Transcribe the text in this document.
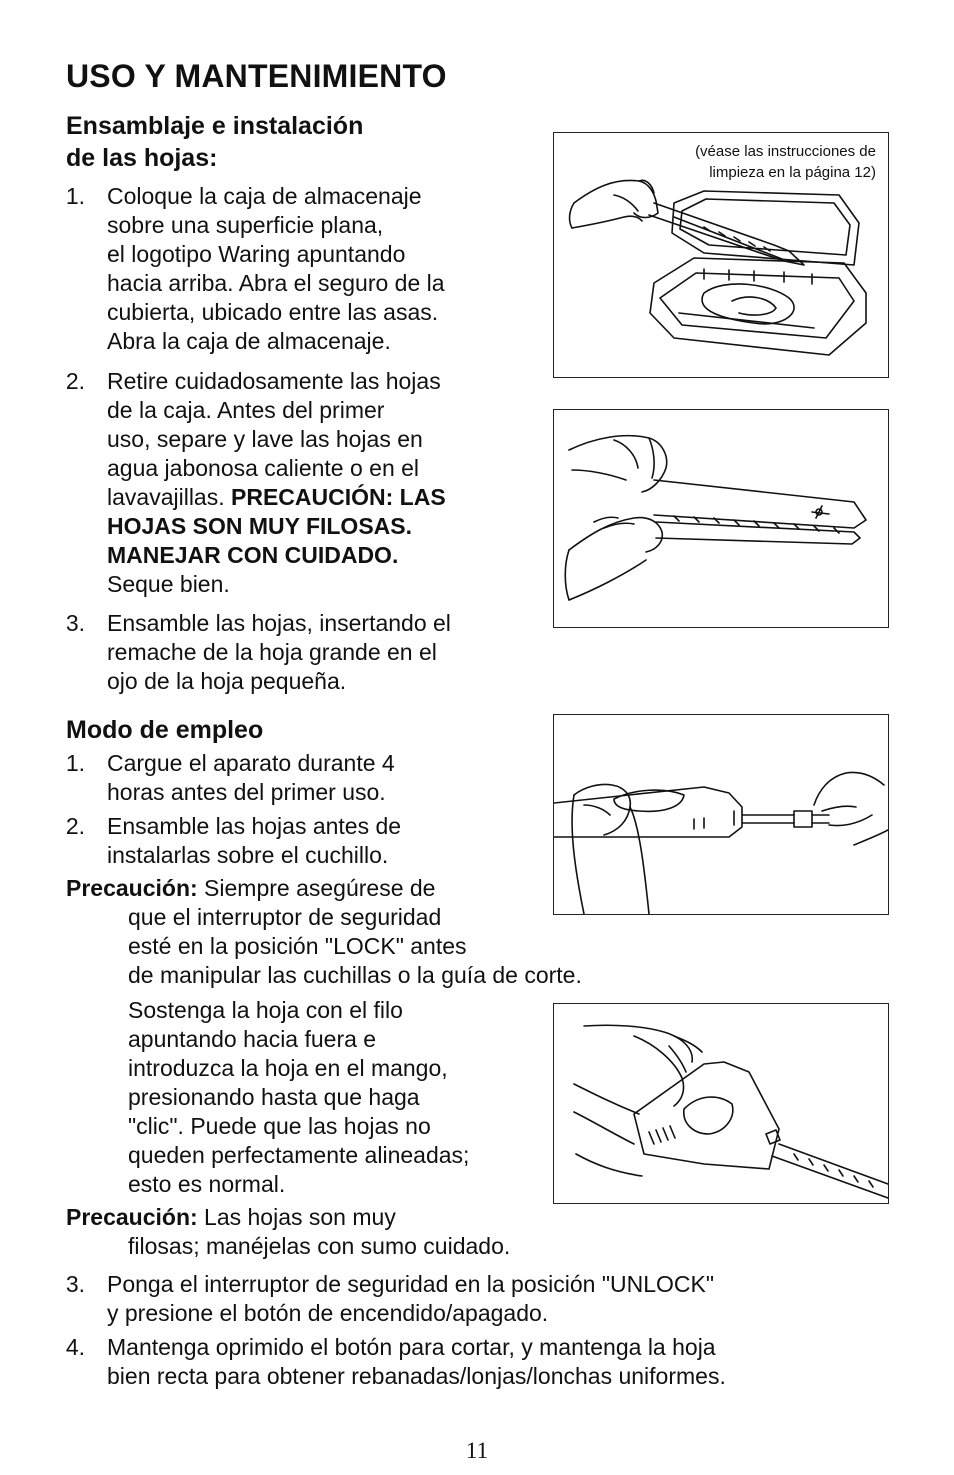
USO Y MANTENIMIENTO
Ensamblaje e instalación
de las hojas:
1. Coloque la caja de almacenaje
sobre una superficie plana,
el logotipo Waring apuntando
hacia arriba. Abra el seguro de la
cubierta, ubicado entre las asas.
Abra la caja de almacenaje.
2. Retire cuidadosamente las hojas
de la caja. Antes del primer
uso, separe y lave las hojas en
agua jabonosa caliente o en el
lavavajillas. PRECAUCIÓN: LAS
HOJAS SON MUY FILOSAS.
MANEJAR CON CUIDADO.
Seque bien.
3. Ensamble las hojas, insertando el
remache de la hoja grande en el
ojo de la hoja pequeña.
Modo de empleo
1. Cargue el aparato durante 4
horas antes del primer uso.
2. Ensamble las hojas antes de
instalarlas sobre el cuchillo.
Precaución: Siempre asegúrese de
que el interruptor de seguridad
esté en la posición "LOCK" antes
de manipular las cuchillas o la guía de corte.
Sostenga la hoja con el filo
apuntando hacia fuera e
introduzca la hoja en el mango,
presionando hasta que haga
"clic". Puede que las hojas no
queden perfectamente alineadas;
esto es normal.
Precaución: Las hojas son muy
filosas; manéjelas con sumo cuidado.
3. Ponga el interruptor de seguridad en la posición "UNLOCK"
y presione el botón de encendido/apagado.
4. Mantenga oprimido el botón para cortar, y mantenga la hoja
bien recta para obtener rebanadas/lonjas/lonchas uniformes.
(véase las instrucciones de
limpieza en la página 12)
11
